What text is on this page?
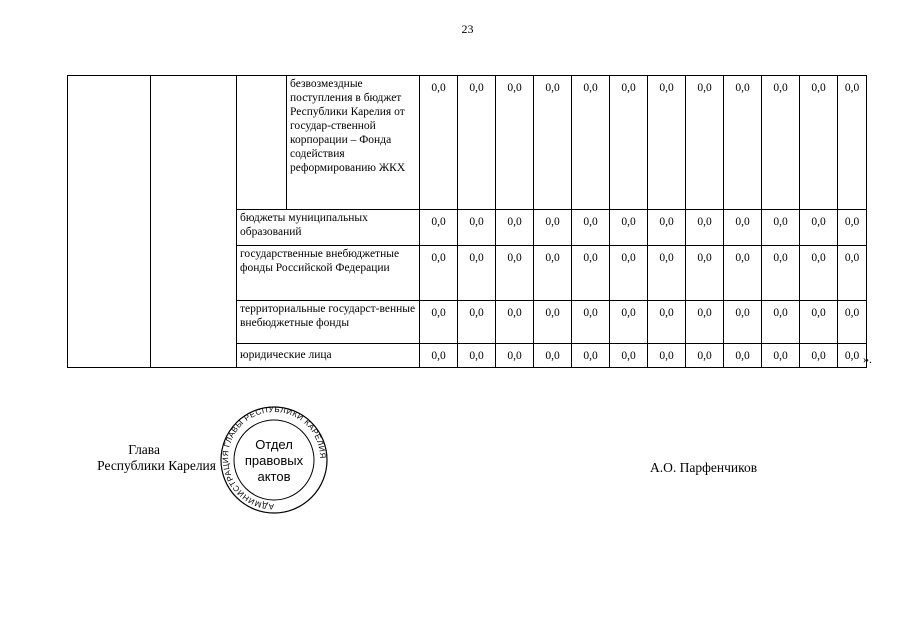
23
			безвозмездные поступления в бюджет Республики Карелия от государ-ственной корпорации – Фонда содействия реформированию ЖКХ	0,0	0,0	0,0	0,0	0,0	0,0	0,0	0,0	0,0	0,0	0,0	0,0
		бюджеты муниципальных образований		0,0	0,0	0,0	0,0	0,0	0,0	0,0	0,0	0,0	0,0	0,0	0,0
		государственные внебюджетные фонды Российской Федерации		0,0	0,0	0,0	0,0	0,0	0,0	0,0	0,0	0,0	0,0	0,0	0,0
		территориальные государст-венные внебюджетные фонды		0,0	0,0	0,0	0,0	0,0	0,0	0,0	0,0	0,0	0,0	0,0	0,0
		юридические лица		0,0	0,0	0,0	0,0	0,0	0,0	0,0	0,0	0,0	0,0	0,0	0,0 ».
Глава
Республики Карелия
АДМИНИСТРАЦИЯ ГЛАВЫ РЕСПУБЛИКИ КАРЕЛИЯ
Отдел
правовых
актов
А.О. Парфенчиков
